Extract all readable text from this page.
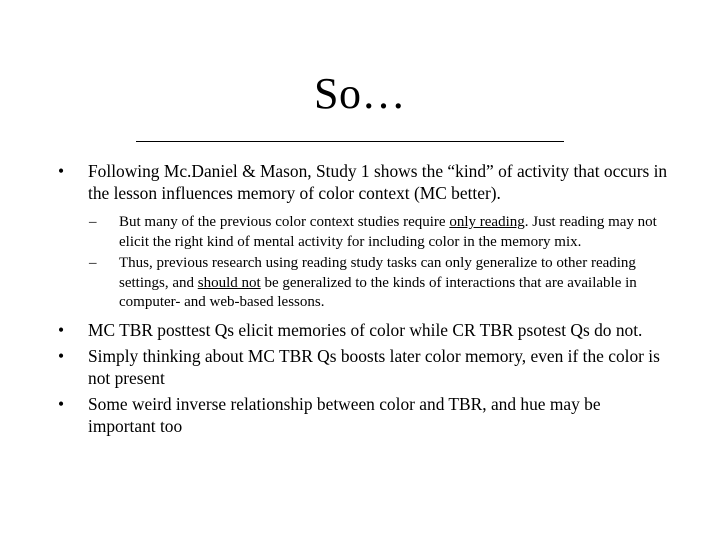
So…
•	Following Mc.Daniel & Mason, Study 1 shows the “kind” of activity that occurs in the lesson influences memory of color context (MC better).
– But many of the previous color context studies require only reading. Just reading may not elicit the right kind of mental activity for including color in the memory mix.
– Thus, previous research using reading study tasks can only generalize to other reading settings, and should not be generalized to the kinds of interactions that are available in computer- and web-based lessons.
•	MC TBR posttest Qs elicit memories of color while CR TBR psotest Qs do not.
•	Simply thinking about MC TBR Qs boosts later color memory, even if the color is not present
•	Some weird inverse relationship between color and TBR, and hue may be important too
